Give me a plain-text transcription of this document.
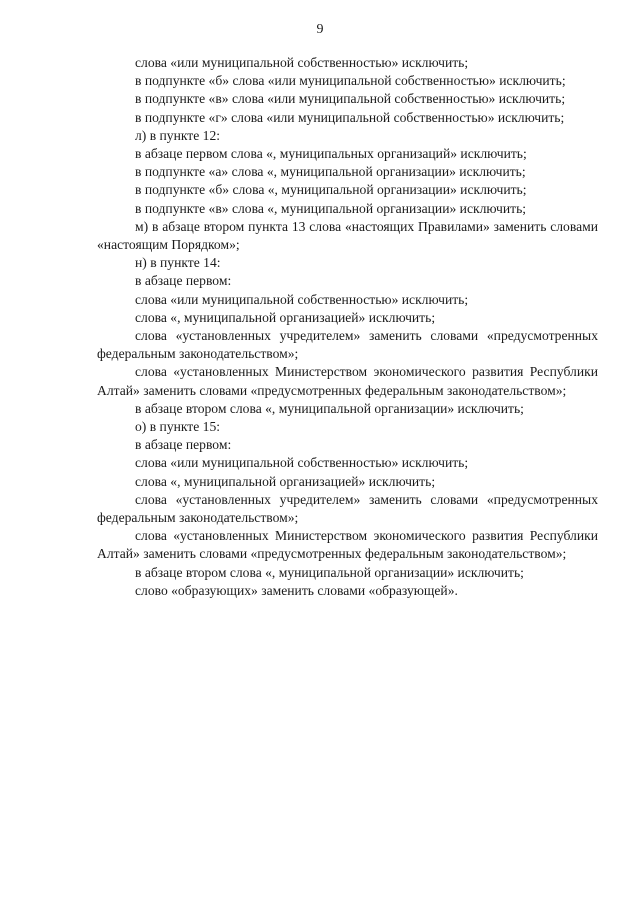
9

слова «или муниципальной собственностью» исключить;

в подпункте «б» слова «или муниципальной собственностью» исключить;

в подпункте «в» слова «или муниципальной собственностью» исключить;

в подпункте «г» слова «или муниципальной собственностью» исключить;

л) в пункте 12:

в абзаце первом слова «, муниципальных организаций» исключить;

в подпункте «а» слова «, муниципальной организации» исключить;

в подпункте «б» слова «, муниципальной организации» исключить;

в подпункте «в» слова «, муниципальной организации» исключить;

м) в абзаце втором пункта 13 слова «настоящих Правилами» заменить словами «настоящим Порядком»;

н) в пункте 14:

в абзаце первом:

слова «или муниципальной собственностью» исключить;

слова «, муниципальной организацией» исключить;

слова «установленных учредителем» заменить словами «предусмотренных федеральным законодательством»;

слова «установленных Министерством экономического развития Республики Алтай» заменить словами «предусмотренных федеральным законодательством»;

в абзаце втором слова «, муниципальной организации» исключить;

о) в пункте 15:

в абзаце первом:

слова «или муниципальной собственностью» исключить;

слова «, муниципальной организацией» исключить;

слова «установленных учредителем» заменить словами «предусмотренных федеральным законодательством»;

слова «установленных Министерством экономического развития Республики Алтай» заменить словами «предусмотренных федеральным законодательством»;

в абзаце втором слова «, муниципальной организации» исключить;

слово «образующих» заменить словами «образующей».
